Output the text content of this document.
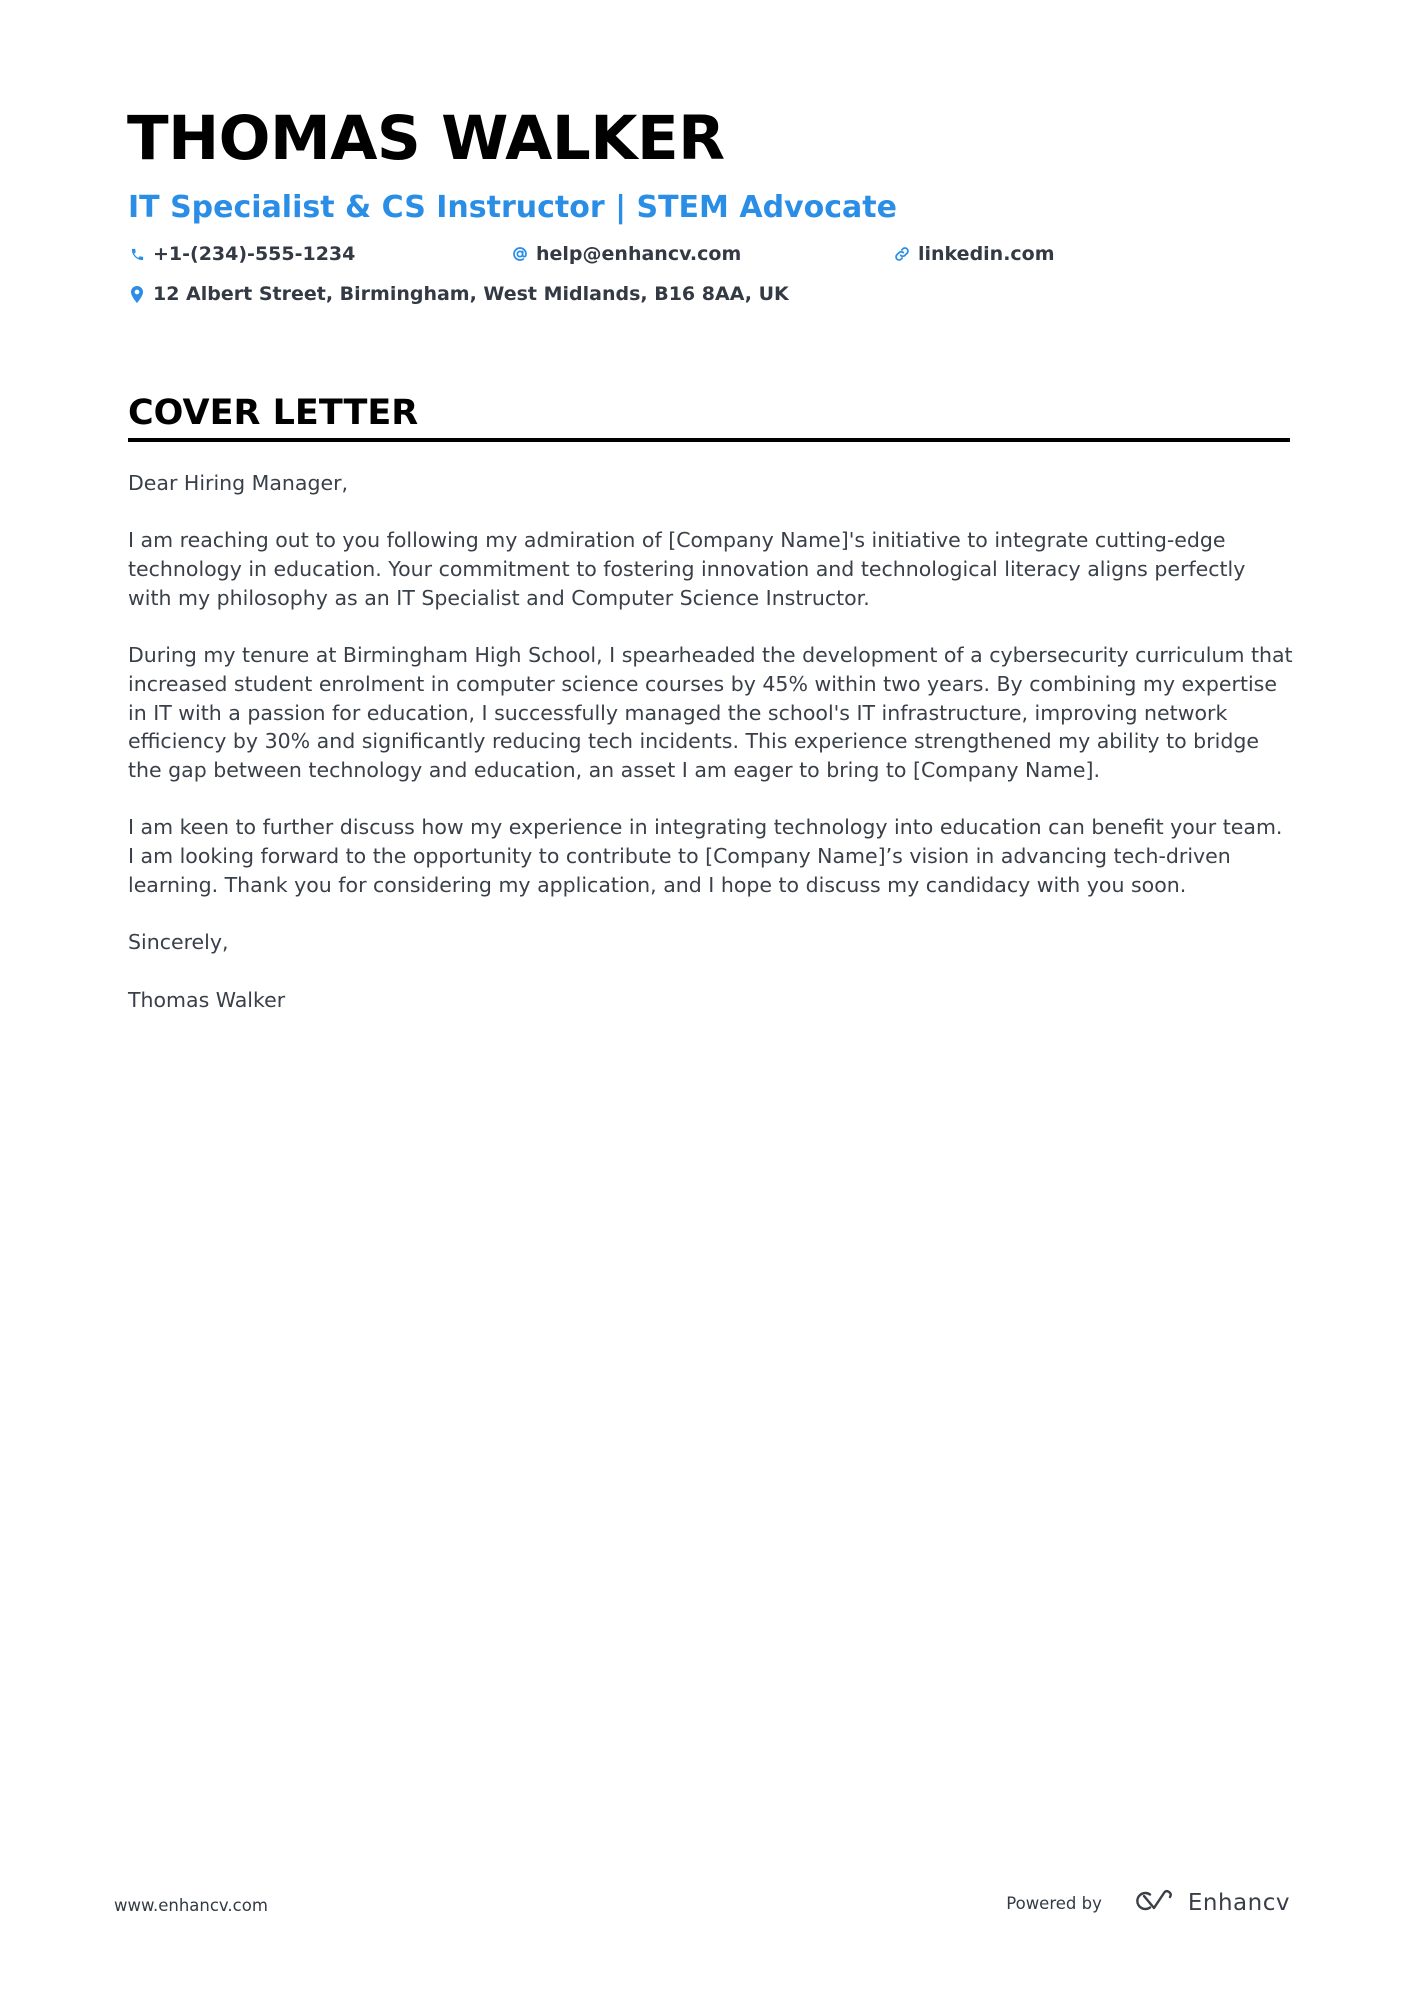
THOMAS WALKER
IT Specialist & CS Instructor | STEM Advocate
+1-(234)-555-1234	help@enhancv.com	linkedin.com
12 Albert Street, Birmingham, West Midlands, B16 8AA, UK
COVER LETTER

Dear Hiring Manager,

I am reaching out to you following my admiration of [Company Name]'s initiative to integrate cutting-edge technology in education. Your commitment to fostering innovation and technological literacy aligns perfectly with my philosophy as an IT Specialist and Computer Science Instructor.

During my tenure at Birmingham High School, I spearheaded the development of a cybersecurity curriculum that increased student enrolment in computer science courses by 45% within two years. By combining my expertise in IT with a passion for education, I successfully managed the school's IT infrastructure, improving network efficiency by 30% and significantly reducing tech incidents. This experience strengthened my ability to bridge the gap between technology and education, an asset I am eager to bring to [Company Name].

I am keen to further discuss how my experience in integrating technology into education can benefit your team. I am looking forward to the opportunity to contribute to [Company Name]’s vision in advancing tech-driven learning. Thank you for considering my application, and I hope to discuss my candidacy with you soon.

Sincerely,

Thomas Walker

www.enhancv.com	Powered by	Enhancv
